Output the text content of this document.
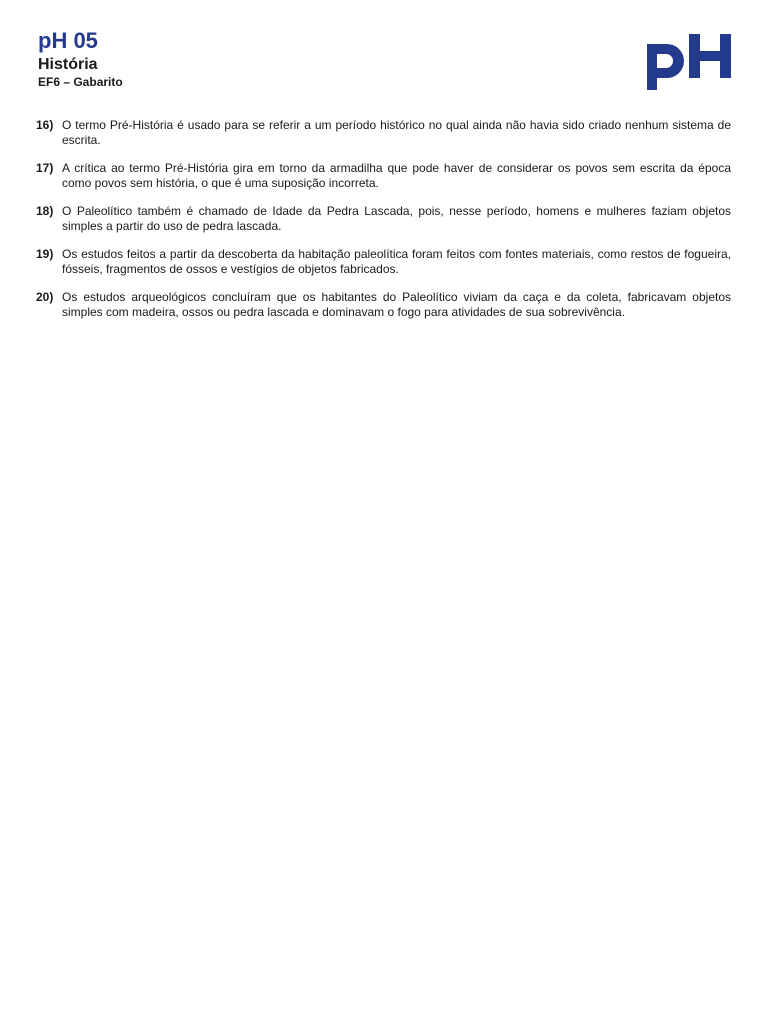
pH 05
História
EF6 – Gabarito
16) O termo Pré-História é usado para se referir a um período histórico no qual ainda não havia sido criado nenhum sistema de escrita.
17) A crítica ao termo Pré-História gira em torno da armadilha que pode haver de considerar os povos sem escrita da época como povos sem história, o que é uma suposição incorreta.
18) O Paleolítico também é chamado de Idade da Pedra Lascada, pois, nesse período, homens e mulheres faziam objetos simples a partir do uso de pedra lascada.
19) Os estudos feitos a partir da descoberta da habitação paleolítica foram feitos com fontes materiais, como restos de fogueira, fósseis, fragmentos de ossos e vestígios de objetos fabricados.
20) Os estudos arqueológicos concluíram que os habitantes do Paleolítico viviam da caça e da coleta, fabricavam objetos simples com madeira, ossos ou pedra lascada e dominavam o fogo para atividades de sua sobrevivência.
